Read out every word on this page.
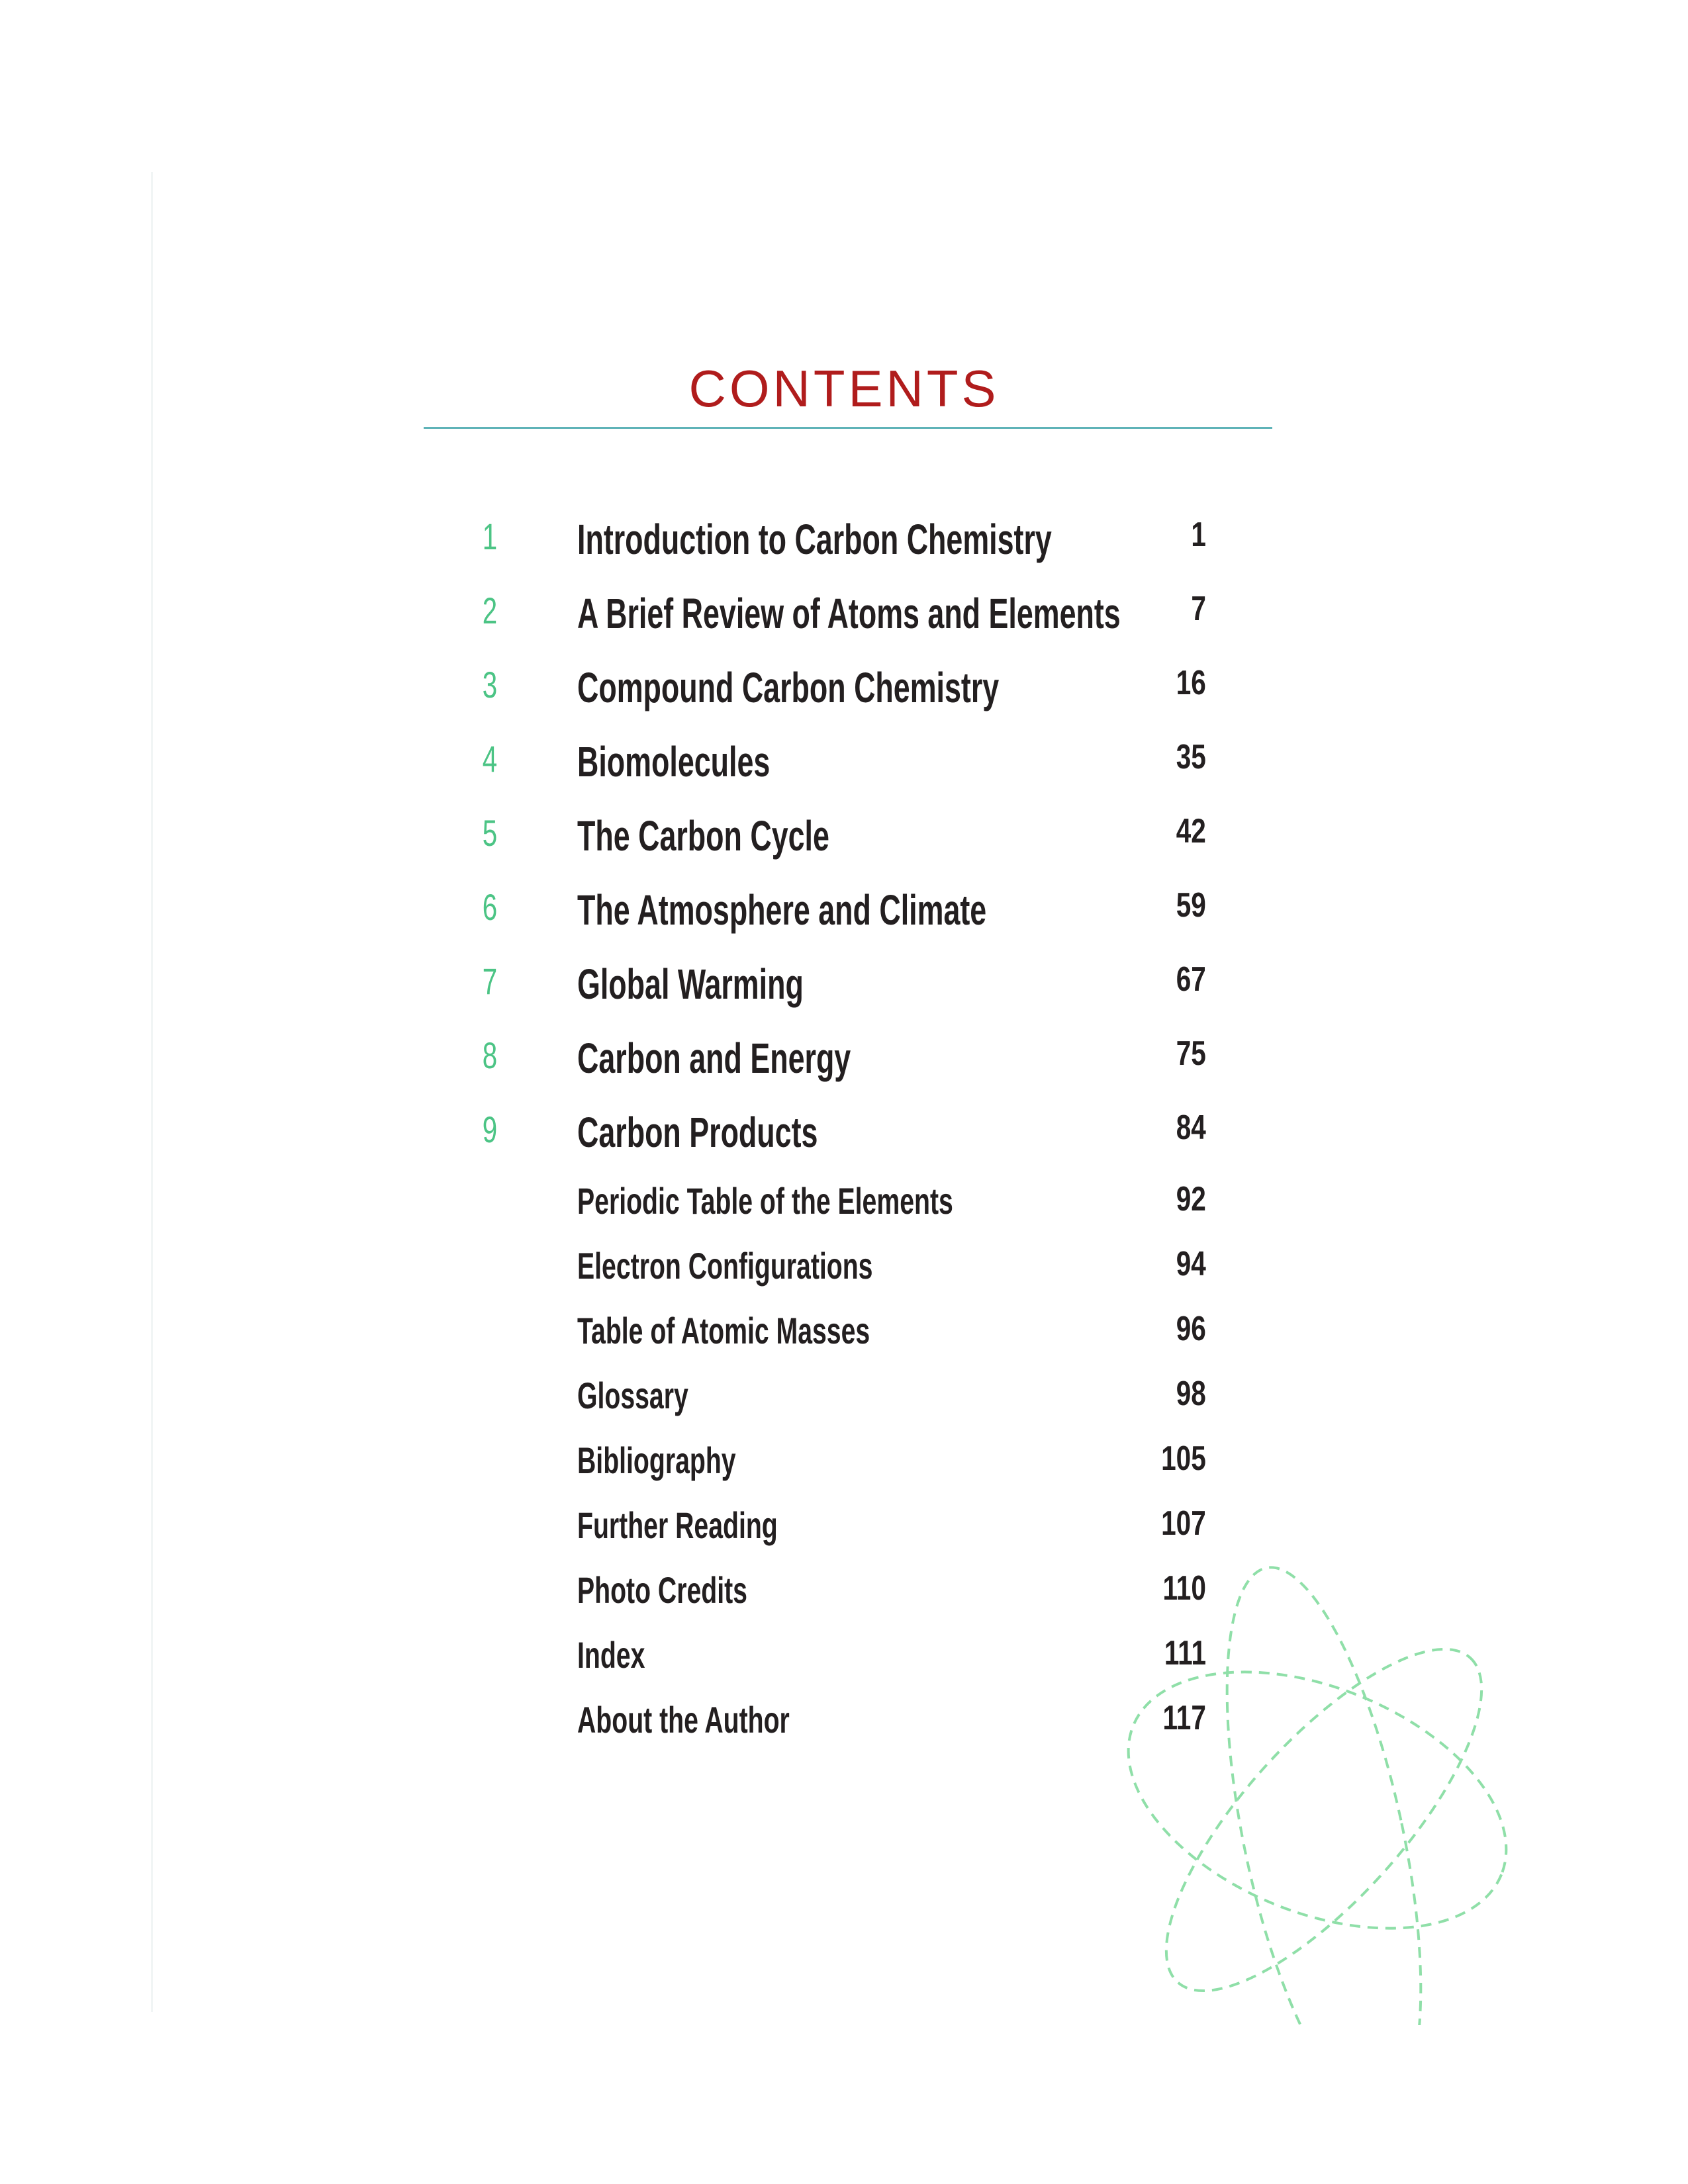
CONTENTS
1 Introduction to Carbon Chemistry	1
2 A Brief Review of Atoms and Elements 7
3 Compound Carbon Chemistry	16
4 Biomolecules	35
5 The Carbon Cycle	42
6 The Atmosphere and Climate	59
7 Global Warming	67
8 Carbon and Energy	75
9 Carbon Products	84
Periodic Table of the Elements	92
Electron Configurations	94
Table of Atomic Masses	96
Glossary	98
Bibliography	105
Further Reading	107
Photo Credits	110
Index	111
About the Author	117
